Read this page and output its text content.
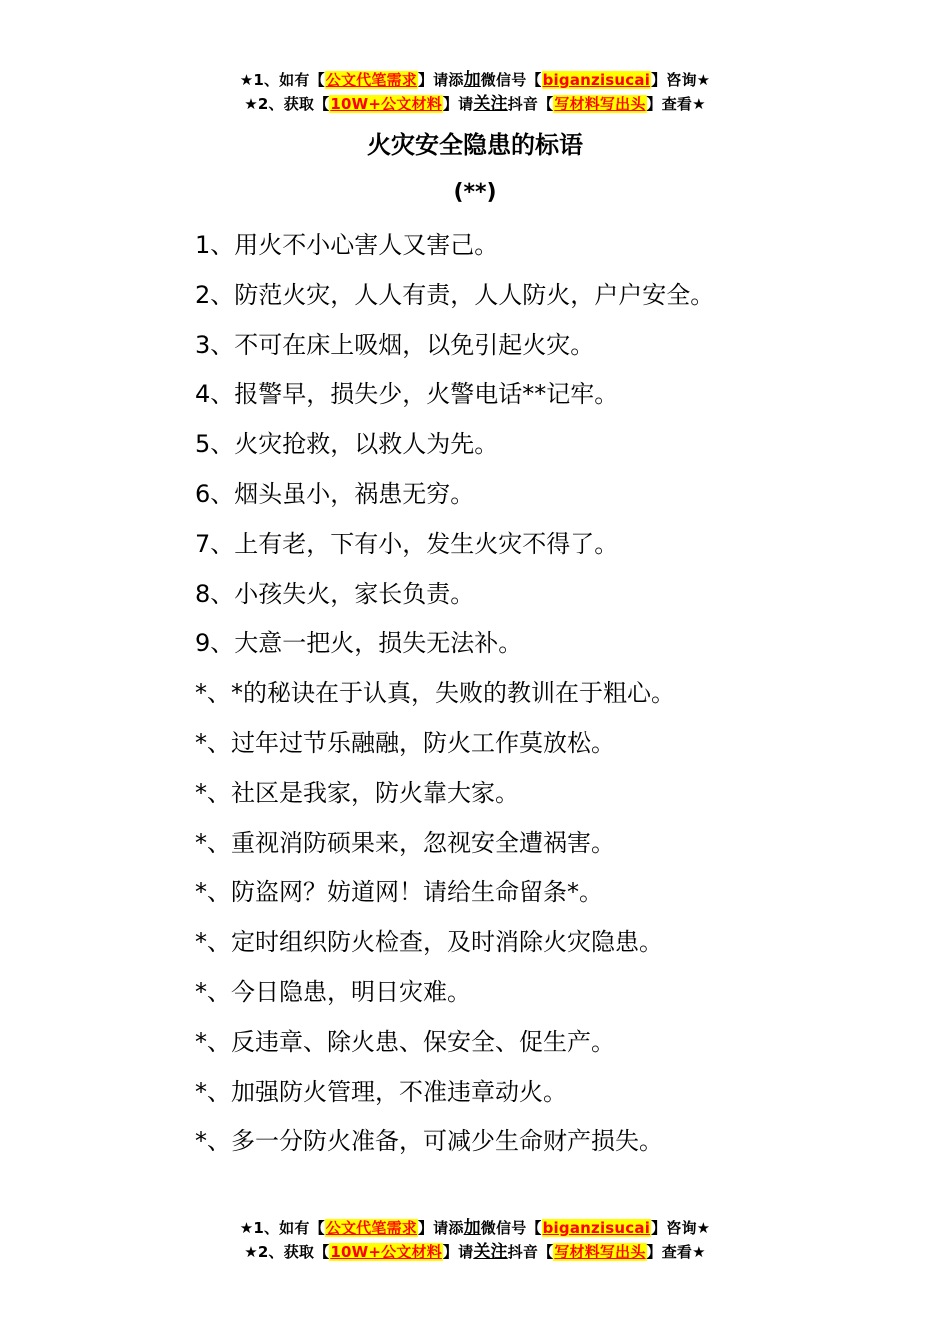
★1、如有【公文代笔需求】请添加微信号【biganzisucai】咨询★
★2、获取【10W+公文材料】请关注抖音【写材料写出头】查看★
火灾安全隐患的标语
(**)
1、用火不小心害人又害己。
2、防范火灾，人人有责，人人防火，户户安全。
3、不可在床上吸烟，以免引起火灾。
4、报警早，损失少，火警电话**记牢。
5、火灾抢救，以救人为先。
6、烟头虽小，祸患无穷。
7、上有老，下有小，发生火灾不得了。
8、小孩失火，家长负责。
9、大意一把火，损失无法补。
*、*的秘诀在于认真，失败的教训在于粗心。
*、过年过节乐融融，防火工作莫放松。
*、社区是我家，防火靠大家。
*、重视消防硕果来，忽视安全遭祸害。
*、防盗网？妨道网！请给生命留条*。
*、定时组织防火检查，及时消除火灾隐患。
*、今日隐患，明日灾难。
*、反违章、除火患、保安全、促生产。
*、加强防火管理，不准违章动火。
*、多一分防火准备，可减少生命财产损失。
★1、如有【公文代笔需求】请添加微信号【biganzisucai】咨询★
★2、获取【10W+公文材料】请关注抖音【写材料写出头】查看★
